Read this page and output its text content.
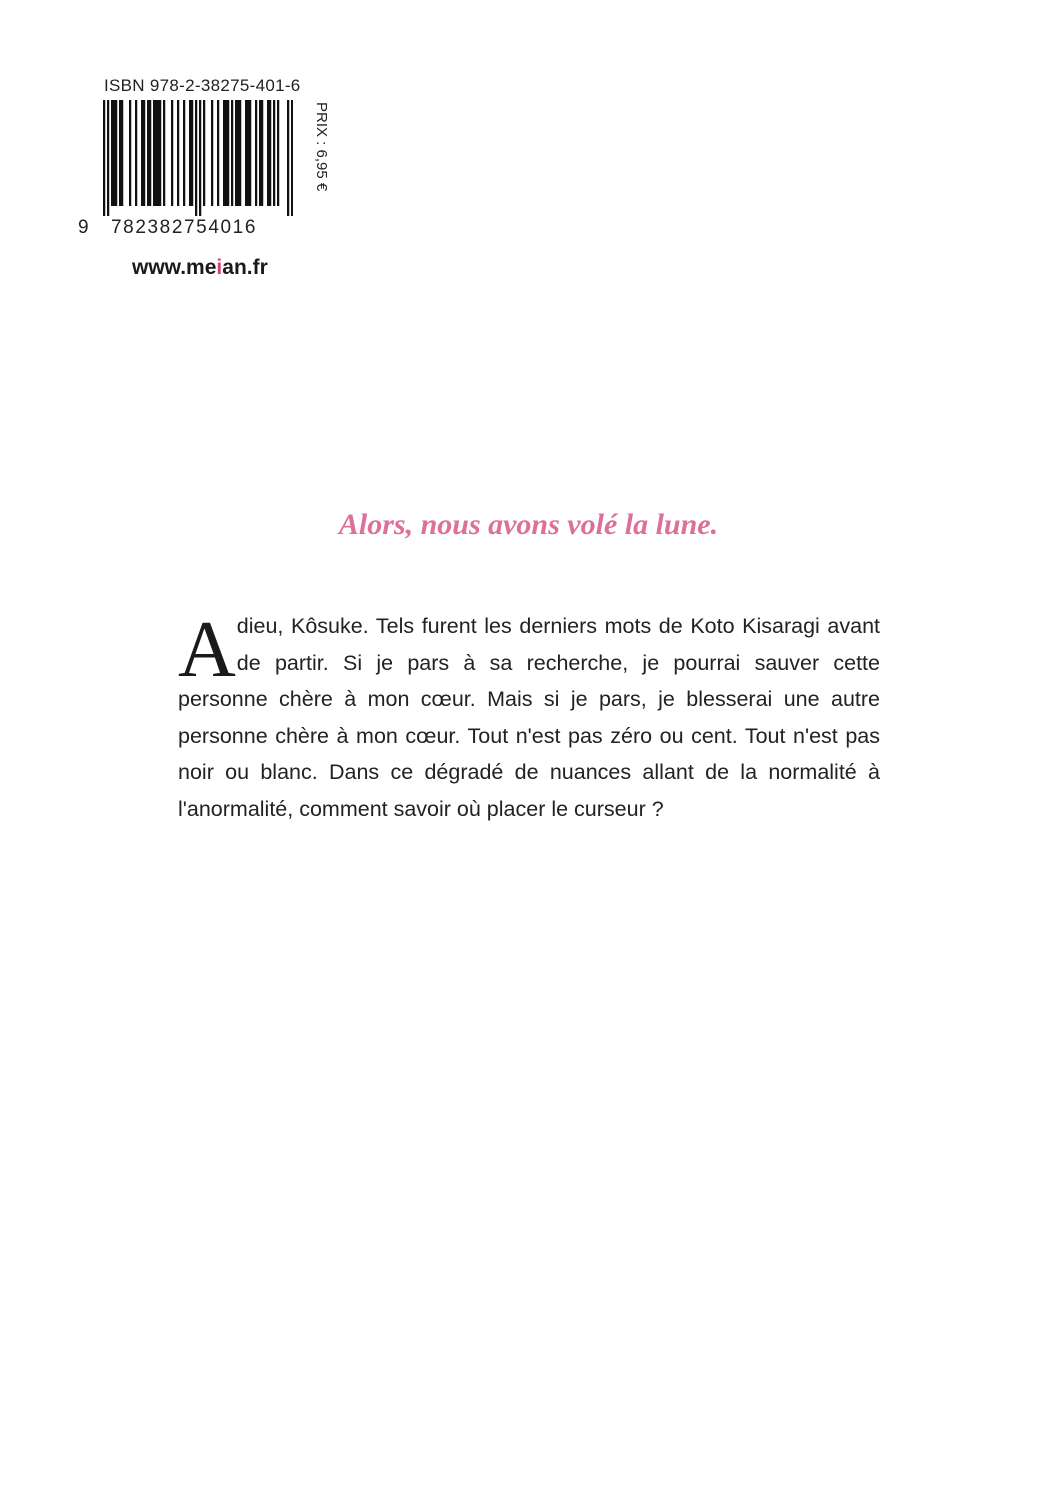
ISBN 978-2-38275-401-6
9 782382754016
PRIX : 6,95 €
www.meian.fr
Alors, nous avons volé la lune.
Adieu, Kôsuke. Tels furent les derniers mots de Koto Kisaragi avant de partir. Si je pars à sa recherche, je pourrai sauver cette personne chère à mon cœur. Mais si je pars, je blesserai une autre personne chère à mon cœur. Tout n'est pas zéro ou cent. Tout n'est pas noir ou blanc. Dans ce dégradé de nuances allant de la normalité à l'anormalité, comment savoir où placer le curseur ?
